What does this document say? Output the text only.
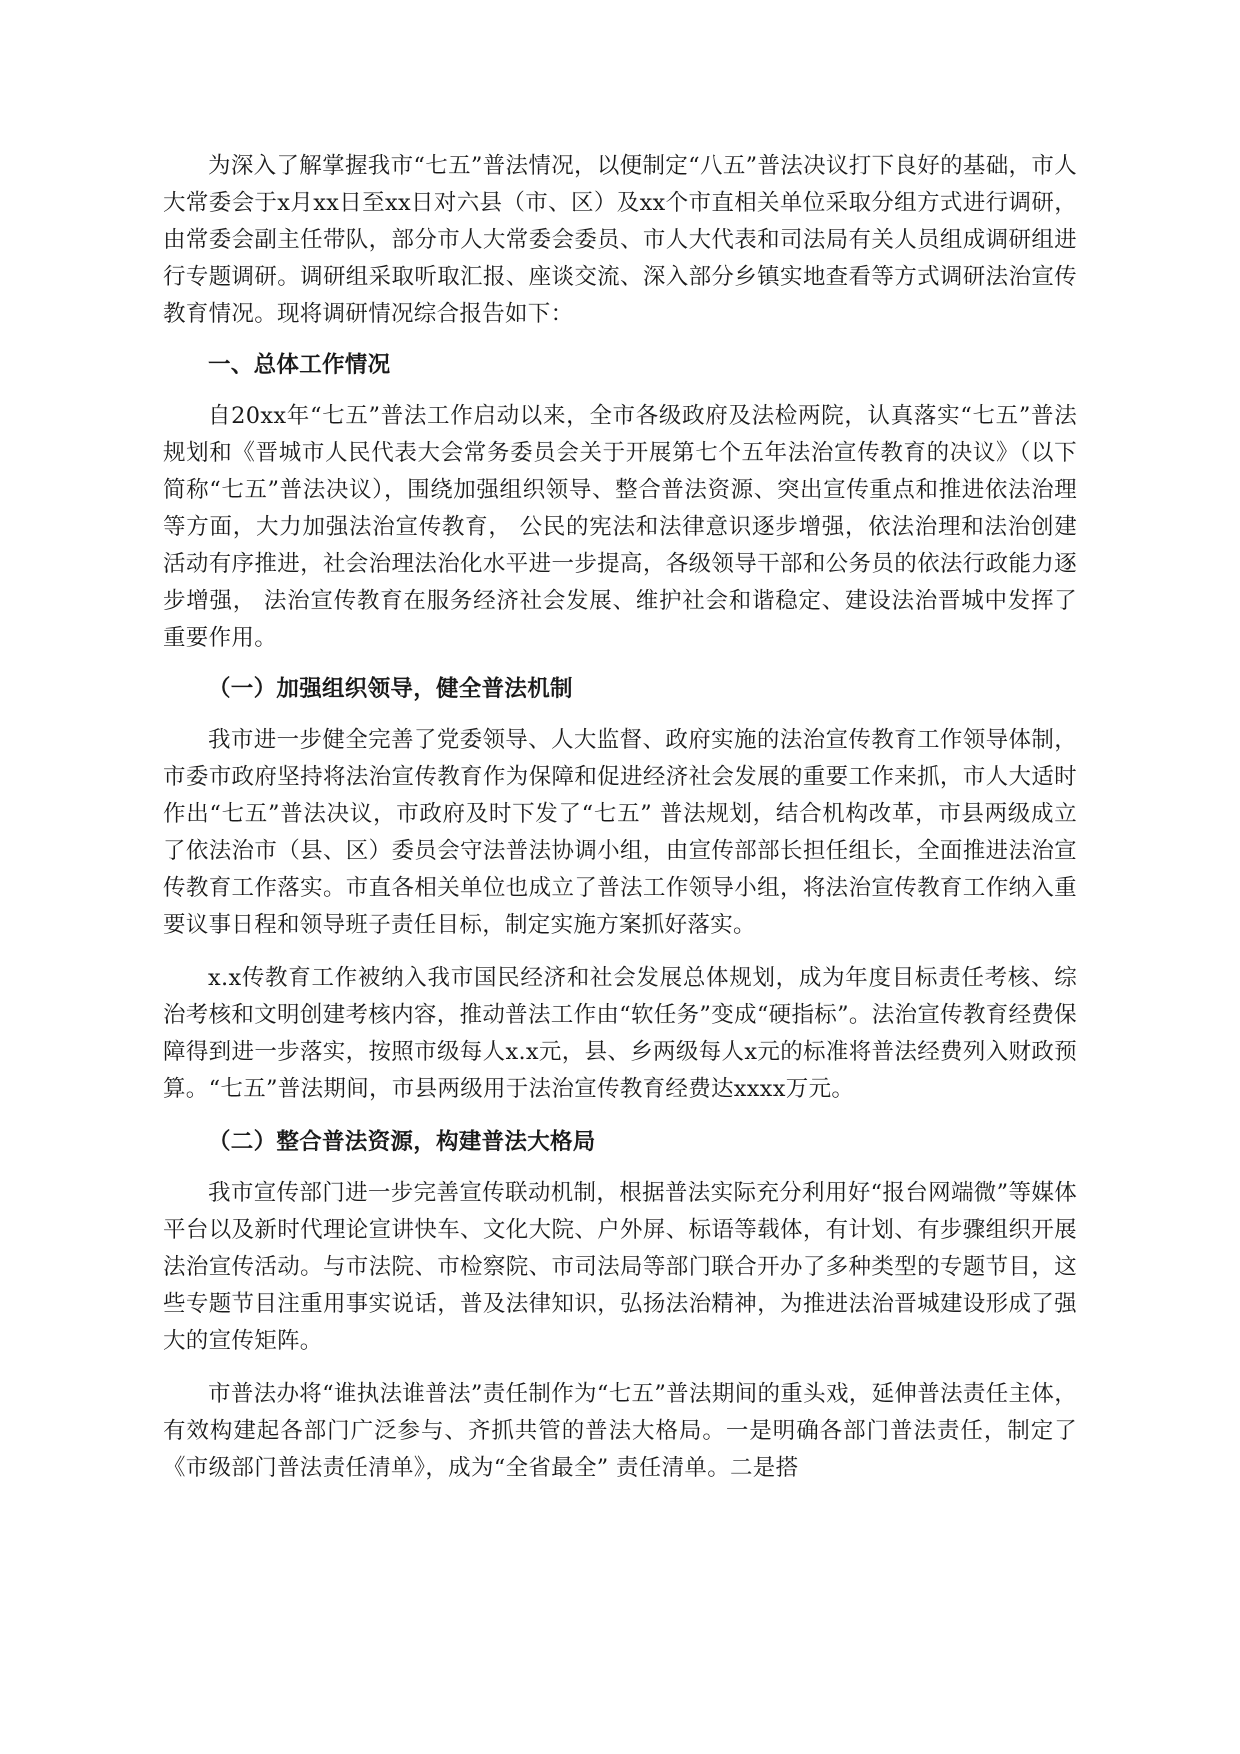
为深入了解掌握我市“七五”普法情况，以便制定“八五”普法决议打下良好的基础，市人大常委会于x月xx日至xx日对六县（市、区）及xx个市直相关单位采取分组方式进行调研，由常委会副主任带队，部分市人大常委会委员、市人大代表和司法局有关人员组成调研组进行专题调研。调研组采取听取汇报、座谈交流、深入部分乡镇实地查看等方式调研法治宣传教育情况。现将调研情况综合报告如下：

一、总体工作情况

自20xx年“七五”普法工作启动以来，全市各级政府及法检两院，认真落实“七五”普法规划和《晋城市人民代表大会常务委员会关于开展第七个五年法治宣传教育的决议》（以下简称“七五”普法决议），围绕加强组织领导、整合普法资源、突出宣传重点和推进依法治理等方面，大力加强法治宣传教育， 公民的宪法和法律意识逐步增强，依法治理和法治创建活动有序推进，社会治理法治化水平进一步提高，各级领导干部和公务员的依法行政能力逐步增强， 法治宣传教育在服务经济社会发展、维护社会和谐稳定、建设法治晋城中发挥了重要作用。

（一）加强组织领导，健全普法机制

我市进一步健全完善了党委领导、人大监督、政府实施的法治宣传教育工作领导体制，市委市政府坚持将法治宣传教育作为保障和促进经济社会发展的重要工作来抓，市人大适时作出“七五”普法决议，市政府及时下发了“七五” 普法规划，结合机构改革，市县两级成立了依法治市（县、区）委员会守法普法协调小组，由宣传部部长担任组长，全面推进法治宣传教育工作落实。市直各相关单位也成立了普法工作领导小组，将法治宣传教育工作纳入重要议事日程和领导班子责任目标，制定实施方案抓好落实。

x.x传教育工作被纳入我市国民经济和社会发展总体规划，成为年度目标责任考核、综治考核和文明创建考核内容，推动普法工作由“软任务”变成“硬指标”。法治宣传教育经费保障得到进一步落实，按照市级每人x.x元，县、乡两级每人x元的标准将普法经费列入财政预算。“七五”普法期间，市县两级用于法治宣传教育经费达xxxx万元。

（二）整合普法资源，构建普法大格局

我市宣传部门进一步完善宣传联动机制，根据普法实际充分利用好“报台网端微”等媒体平台以及新时代理论宣讲快车、文化大院、户外屏、标语等载体，有计划、有步骤组织开展法治宣传活动。与市法院、市检察院、市司法局等部门联合开办了多种类型的专题节目，这些专题节目注重用事实说话，普及法律知识，弘扬法治精神，为推进法治晋城建设形成了强大的宣传矩阵。

市普法办将“谁执法谁普法”责任制作为“七五”普法期间的重头戏，延伸普法责任主体，有效构建起各部门广泛参与、齐抓共管的普法大格局。一是明确各部门普法责任，制定了《市级部门普法责任清单》，成为“全省最全” 责任清单。二是搭
